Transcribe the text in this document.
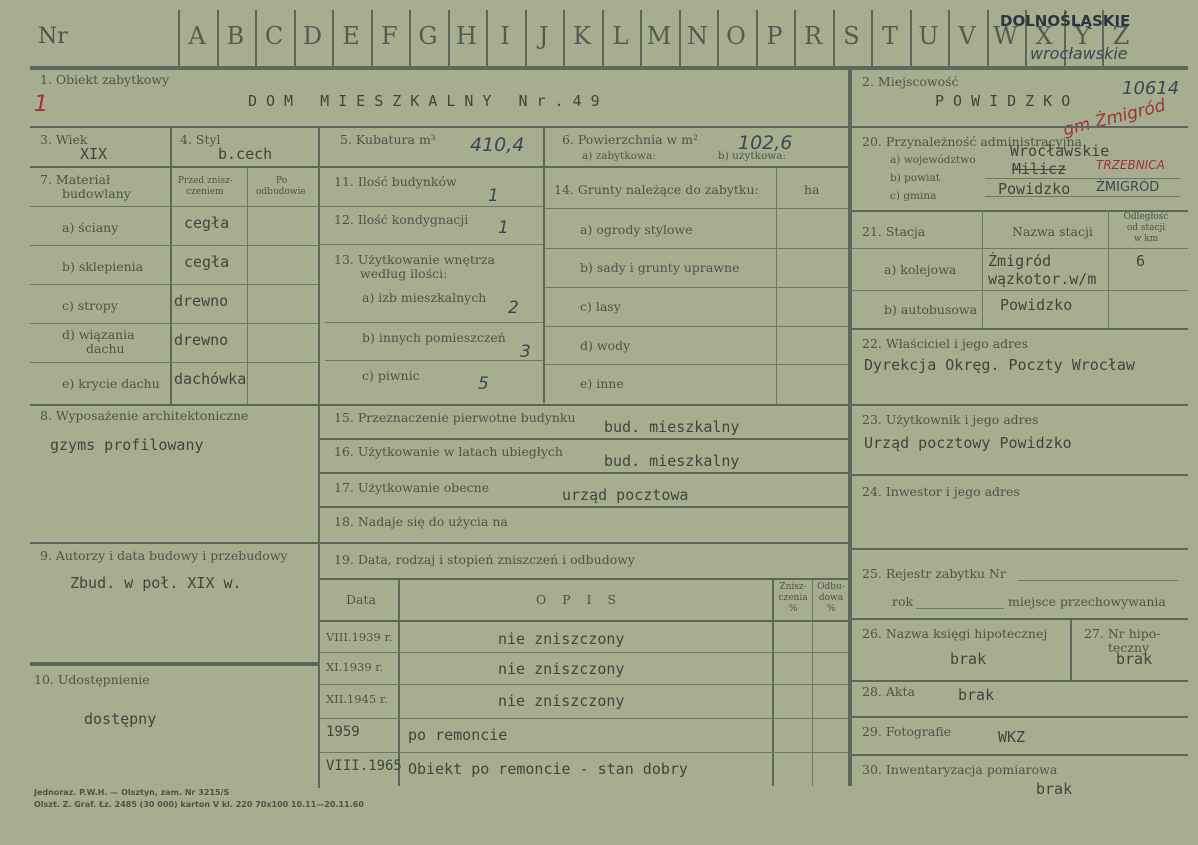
Nr	A B C D E F G H I	J	K L M N O P R S T U V W X Y Z
DOLNOŚLĄSKIE
wrocławskie
1. Obiekt zabytkowy
1	DOM MIESZKALNY Nr.49
2. Miejscowość
POWIDZKO
10614
gm Żmigród
3. Wiek
XIX
4. Styl
b.cech
5. Kubatura m³ 410,4	6. Powierzchnia w m²
a) zabytkowa:	b) użytkowa:
102,6
7. Materiał
budowlany
Przed znisz-
czeniem
Po
odbudowie
a) ściany	cegła
b) sklepienia	cegła
c) stropy	drewno
d) wiązania
dachu	drewno
e) krycie dachu dachówka
11. Ilość budynków
1
12. Ilość kondygnacji 1
13. Użytkowanie wnętrza
według ilości:
a) izb mieszkalnych
2
b) innych pomieszczeń
3
c) piwnic	5
14. Grunty należące do zabytku:	ha
a) ogrody stylowe
b) sady i grunty uprawne
c) lasy
d) wody
e) inne
20. Przynależność administracyjna
a) województwo Wrocławskie
b) powiat	Milicz TRZEBNICA
c) gmina	Powidzko ŻMIGRÓD
21. Stacja	Nazwa stacji
Odległość
od stacji
w km
a) kolejowa Żmigród
wązkotor.w/m
6
b) autobusowa Powidzko
22. Właściciel i jego adres
Dyrekcja Okręg. Poczty Wrocław
23. Użytkownik i jego adres
Urząd pocztowy Powidzko
24. Inwestor i jego adres
25. Rejestr zabytku Nr
rok	miejsce przechowywania
26. Nazwa księgi hipotecznej
brak
27. Nr hipo-
teczny
brak
28. Akta	brak
29. Fotografie	WKZ
30. Inwentaryzacja pomiarowa
brak
8. Wyposażenie architektoniczne
gzyms profilowany
9. Autorzy i data budowy i przebudowy
Zbud. w poł. XIX w.
10. Udostępnienie
dostępny
15. Przeznaczenie pierwotne budynku
bud. mieszkalny
16. Użytkowanie w latach ubiegłych
bud. mieszkalny
17. Użytkowanie obecne	urząd pocztowa
18. Nadaje się do użycia na
19. Data, rodzaj i stopień zniszczeń i odbudowy
Data	O P I S
Znisz-
czenia
%
Odbu-
dowa
%
VIII.1939 r.	nie zniszczony
XI.1939 r.	nie zniszczony
XII.1945 r.	nie zniszczony
1959	po remoncie
VIII.1965 Obiekt po remoncie - stan dobry
Jednoraz. P.W.H. — Olsztyn, zam. Nr 3215/S
Olszt. Z. Graf. Łz. 2485 (30 000) karton V kl. 220 70x100 10.11—20.11.60
